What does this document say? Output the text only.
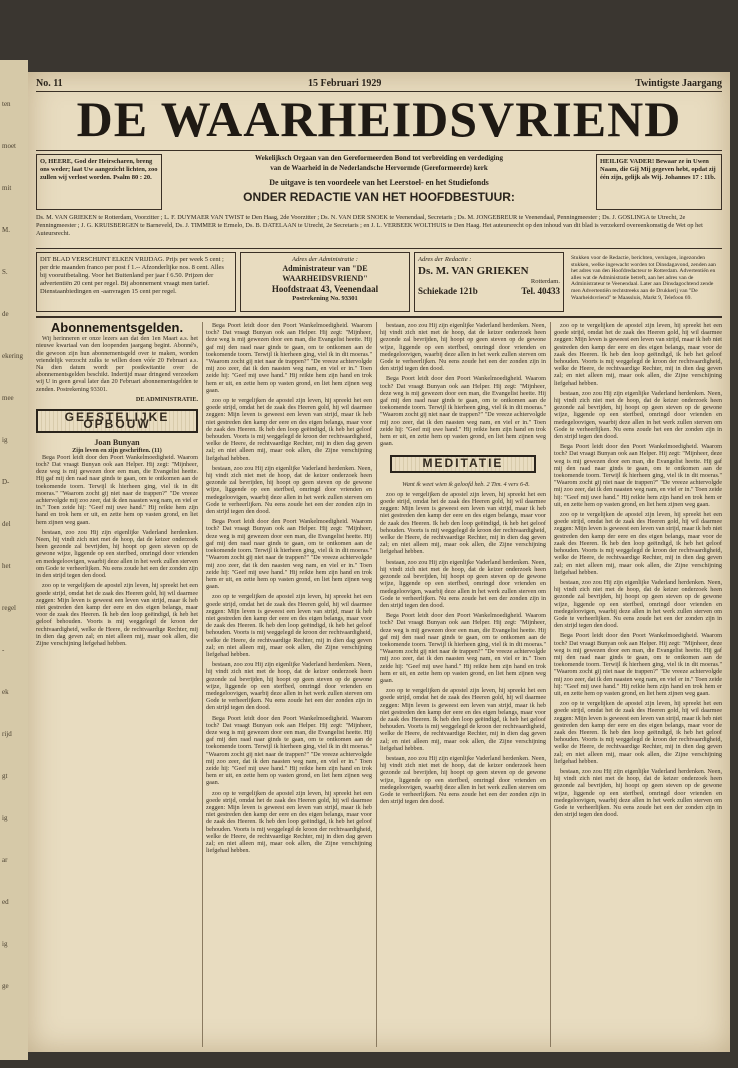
ten
moet
mit
M.
S.
de
ekering
mee
ig
D-
del
het
regel
-
ek
rijd
gt
ig
ar
ed
ig
ge
No. 11	15 Februari 1929	Twintigste Jaargang
DE WAARHEIDSVRIEND
O, HEERE, God der Heirscharen, breng ons weder; laat Uw aangezicht lichten, zoo zullen wij verlost worden. Psalm 80 : 20.
HEILIGE VADER! Bewaar ze in Uwen Naam, die Gij Mij gegeven hebt, opdat zij één zijn, gelijk als Wij. Johannes 17 : 11b.
Wekelijksch Orgaan van den Gereformeerden Bond tot verbreiding en verdediging
van de Waarheid in de Nederlandsche Hervormde (Gereformeerde) kerk
De uitgave is ten voordeele van het Leerstoel- en het Studiefonds
ONDER REDACTIE VAN HET HOOFDBESTUUR:
Ds. M. VAN GRIEKEN te Rotterdam, Voorzitter ; L. F. DUYMAER VAN TWIST te Den Haag, 2de Voorzitter ; Ds. N. VAN DER SNOEK te Veenendaal, Secretaris ; Ds. M. JONGEBREUR te Veenendaal, Penningmeester ; Ds. J. GOSLINGA te Utrecht, 2e Penningmeester ; J. G. KRUISBERGEN te Barneveld, Ds. J. TIMMER te Ermelo, Ds. B. DATELAAN te Utrecht, 2e Secretaris ; en J. L. VERBEEK WOLTHUIS te Den Haag. Het auteursrecht op den inhoud van dit blad is verzekerd overeenkomstig de Wet op het Auteursrecht.
DIT BLAD VERSCHIJNT ELKEN VRIJDAG. Prijs per week 5 cent ; per drie maanden franco per post f 1.-- Afzonderlijke nos. 8 cent. Alles bij vooruitbetaling. Voor het Buitenland per jaar f 6.50. Prijzen der advertentiën 20 cent per regel. Bij abonnement vraagt men tarief. Dienstaanbiedingen en -aanvragen 15 cent per regel.
Adres der Administratie :
Administrateur van "DE WAARHEIDSVRIEND"
Hoofdstraat 43, Veenendaal
Postrekening No. 93301
Adres der Redactie :
Ds. M. VAN GRIEKEN
Rotterdam.
Schiekade 121b	Tel. 40433
Stukken voor de Redactie, berichten, verslagen, ingezonden stukken, welke ingewacht worden tot Dinsdagavond, zenden aan het adres van den Hoofdredacteur te Rotterdam. Advertentiën en alles wat de Administratie betreft, aan het adres van de Administrateur te Veenendaal. Later aan Dinsdagochtend zende men Advertentiën rechtstreeks aan de Drukkerij van "De Waarheidsvriend" te Maassluis, Markt 9, Telefoon 69.
Abonnementsgelden.

Wij herinneren er onze lezers aan dat den 1en Maart a.s. het nieuwe kwartaal van den loopenden jaargang begint. Abonné's, die gewoon zijn hun abonnementsgeld over te maken, worden vriendelijk verzocht zulks te willen doen vóór 20 Februari a.s. Na dien datum wordt per postkwitantie over de abonnementsgelden beschikt. Indertijd maar dringend verzoeken wij U in geen geval later dan 20 Februari abonnementsgelden te zenden. Postrekening 93301.

DE ADMINISTRATIE.
GEESTELIJKE OPBOUW
Joan Bunyan
Zijn leven en zijn geschriften. (11)

Bega Poort leidt door den Poort Wankelmoedigheid. Waarom toch? Dat vraagt Bunyan ook aan Helper. Hij zegt: "Mijnheer, deze weg is mij gewezen door een man, die Evangelist heette. Hij gaf mij den raad naar ginds te gaan, om te ontkomen aan de toekomende toorn. Terwijl ik hierheen ging, viel ik in dit moeras." "Waarom zocht gij niet naar de trappen?" "De vreeze achtervolgde mij zoo zeer, dat ik den naasten weg nam, en viel er in." Toen zeide hij: "Geef mij uwe hand." Hij reikte hem zijn hand en trok hem er uit, en zette hem op vasten grond, en liet hem zijnen weg gaan.

bestaan, zoo zou Hij zijn eigenlijke Vaderland herdenken. Neen, hij vindt zich niet met de hoop, dat de keizer onderzoek heen gezonde zal bevrijden, hij hoopt op geen steven op de gewone wijze, liggende op een sterfbed, omringd door vrienden en medegeloovigen, waarbij deze allen in het werk zullen sterven om Gode te verheerlijken. Nu eens zoude het een der zonden zijn in den strijd tegen den dood.

zoo op te vergelijken de apostel zijn leven, hij spreekt het een goede strijd, omdat het de zaak des Heeren gold, hij wil daarmee zeggen: Mijn leven is geweest een leven van strijd, maar ik heb niet gestreden den kamp der eere en des eigen belangs, maar voor de zaak des Heeren. Ik heb den loop geëindigd, ik heb het geloof behouden. Voorts is mij weggelegd de kroon der rechtvaardigheid, welke de Heere, de rechtvaardige Rechter, mij in dien dag geven zal; en niet alleen mij, maar ook allen, die Zijne verschijning liefgehad hebben.

Bega Poort leidt door den Poort Wankelmoedigheid. Waarom toch? Dat vraagt Bunyan ook aan Helper. Hij zegt: "Mijnheer, deze weg is mij gewezen door een man, die Evangelist heette. Hij gaf mij den raad naar ginds te gaan, om te ontkomen aan de toekomende toorn. Terwijl ik hierheen ging, viel ik in dit moeras." "Waarom zocht gij niet naar de trappen?" "De vreeze achtervolgde mij zoo zeer, dat ik den naasten weg nam, en viel er in." Toen zeide hij: "Geef mij uwe hand." Hij reikte hem zijn hand en trok hem er uit, en zette hem op vasten grond, en liet hem zijnen weg gaan.

zoo op te vergelijken de apostel zijn leven, hij spreekt het een goede strijd, omdat het de zaak des Heeren gold, hij wil daarmee zeggen: Mijn leven is geweest een leven van strijd, maar ik heb niet gestreden den kamp der eere en des eigen belangs, maar voor de zaak des Heeren. Ik heb den loop geëindigd, ik heb het geloof behouden. Voorts is mij weggelegd de kroon der rechtvaardigheid, welke de Heere, de rechtvaardige Rechter, mij in dien dag geven zal; en niet alleen mij, maar ook allen, die Zijne verschijning liefgehad hebben.

bestaan, zoo zou Hij zijn eigenlijke Vaderland herdenken. Neen, hij vindt zich niet met de hoop, dat de keizer onderzoek heen gezonde zal bevrijden, hij hoopt op geen steven op de gewone wijze, liggende op een sterfbed, omringd door vrienden en medegeloovigen, waarbij deze allen in het werk zullen sterven om Gode te verheerlijken. Nu eens zoude het een der zonden zijn in den strijd tegen den dood.

Bega Poort leidt door den Poort Wankelmoedigheid. Waarom toch? Dat vraagt Bunyan ook aan Helper. Hij zegt: "Mijnheer, deze weg is mij gewezen door een man, die Evangelist heette. Hij gaf mij den raad naar ginds te gaan, om te ontkomen aan de toekomende toorn. Terwijl ik hierheen ging, viel ik in dit moeras." "Waarom zocht gij niet naar de trappen?" "De vreeze achtervolgde mij zoo zeer, dat ik den naasten weg nam, en viel er in." Toen zeide hij: "Geef mij uwe hand." Hij reikte hem zijn hand en trok hem er uit, en zette hem op vasten grond, en liet hem zijnen weg gaan.

zoo op te vergelijken de apostel zijn leven, hij spreekt het een goede strijd, omdat het de zaak des Heeren gold, hij wil daarmee zeggen: Mijn leven is geweest een leven van strijd, maar ik heb niet gestreden den kamp der eere en des eigen belangs, maar voor de zaak des Heeren. Ik heb den loop geëindigd, ik heb het geloof behouden. Voorts is mij weggelegd de kroon der rechtvaardigheid, welke de Heere, de rechtvaardige Rechter, mij in dien dag geven zal; en niet alleen mij, maar ook allen, die Zijne verschijning liefgehad hebben.

bestaan, zoo zou Hij zijn eigenlijke Vaderland herdenken. Neen, hij vindt zich niet met de hoop, dat de keizer onderzoek heen gezonde zal bevrijden, hij hoopt op geen steven op de gewone wijze, liggende op een sterfbed, omringd door vrienden en medegeloovigen, waarbij deze allen in het werk zullen sterven om Gode te verheerlijken. Nu eens zoude het een der zonden zijn in den strijd tegen den dood.

Bega Poort leidt door den Poort Wankelmoedigheid. Waarom toch? Dat vraagt Bunyan ook aan Helper. Hij zegt: "Mijnheer, deze weg is mij gewezen door een man, die Evangelist heette. Hij gaf mij den raad naar ginds te gaan, om te ontkomen aan de toekomende toorn. Terwijl ik hierheen ging, viel ik in dit moeras." "Waarom zocht gij niet naar de trappen?" "De vreeze achtervolgde mij zoo zeer, dat ik den naasten weg nam, en viel er in." Toen zeide hij: "Geef mij uwe hand." Hij reikte hem zijn hand en trok hem er uit, en zette hem op vasten grond, en liet hem zijnen weg gaan.

zoo op te vergelijken de apostel zijn leven, hij spreekt het een goede strijd, omdat het de zaak des Heeren gold, hij wil daarmee zeggen: Mijn leven is geweest een leven van strijd, maar ik heb niet gestreden den kamp der eere en des eigen belangs, maar voor de zaak des Heeren. Ik heb den loop geëindigd, ik heb het geloof behouden. Voorts is mij weggelegd de kroon der rechtvaardigheid, welke de Heere, de rechtvaardige Rechter, mij in dien dag geven zal; en niet alleen mij, maar ook allen, die Zijne verschijning liefgehad hebben.

bestaan, zoo zou Hij zijn eigenlijke Vaderland herdenken. Neen, hij vindt zich niet met de hoop, dat de keizer onderzoek heen gezonde zal bevrijden, hij hoopt op geen steven op de gewone wijze, liggende op een sterfbed, omringd door vrienden en medegeloovigen, waarbij deze allen in het werk zullen sterven om Gode te verheerlijken. Nu eens zoude het een der zonden zijn in den strijd tegen den dood.

Bega Poort leidt door den Poort Wankelmoedigheid. Waarom toch? Dat vraagt Bunyan ook aan Helper. Hij zegt: "Mijnheer, deze weg is mij gewezen door een man, die Evangelist heette. Hij gaf mij den raad naar ginds te gaan, om te ontkomen aan de toekomende toorn. Terwijl ik hierheen ging, viel ik in dit moeras." "Waarom zocht gij niet naar de trappen?" "De vreeze achtervolgde mij zoo zeer, dat ik den naasten weg nam, en viel er in." Toen zeide hij: "Geef mij uwe hand." Hij reikte hem zijn hand en trok hem er uit, en zette hem op vasten grond, en liet hem zijnen weg gaan.

MEDITATIE

Want ik weet wien ik geloofd heb. 2 Tim. 4 vers 6-8.

zoo op te vergelijken de apostel zijn leven, hij spreekt het een goede strijd, omdat het de zaak des Heeren gold, hij wil daarmee zeggen: Mijn leven is geweest een leven van strijd, maar ik heb niet gestreden den kamp der eere en des eigen belangs, maar voor de zaak des Heeren. Ik heb den loop geëindigd, ik heb het geloof behouden. Voorts is mij weggelegd de kroon der rechtvaardigheid, welke de Heere, de rechtvaardige Rechter, mij in dien dag geven zal; en niet alleen mij, maar ook allen, die Zijne verschijning liefgehad hebben.

bestaan, zoo zou Hij zijn eigenlijke Vaderland herdenken. Neen, hij vindt zich niet met de hoop, dat de keizer onderzoek heen gezonde zal bevrijden, hij hoopt op geen steven op de gewone wijze, liggende op een sterfbed, omringd door vrienden en medegeloovigen, waarbij deze allen in het werk zullen sterven om Gode te verheerlijken. Nu eens zoude het een der zonden zijn in den strijd tegen den dood.

Bega Poort leidt door den Poort Wankelmoedigheid. Waarom toch? Dat vraagt Bunyan ook aan Helper. Hij zegt: "Mijnheer, deze weg is mij gewezen door een man, die Evangelist heette. Hij gaf mij den raad naar ginds te gaan, om te ontkomen aan de toekomende toorn. Terwijl ik hierheen ging, viel ik in dit moeras." "Waarom zocht gij niet naar de trappen?" "De vreeze achtervolgde mij zoo zeer, dat ik den naasten weg nam, en viel er in." Toen zeide hij: "Geef mij uwe hand." Hij reikte hem zijn hand en trok hem er uit, en zette hem op vasten grond, en liet hem zijnen weg gaan.

zoo op te vergelijken de apostel zijn leven, hij spreekt het een goede strijd, omdat het de zaak des Heeren gold, hij wil daarmee zeggen: Mijn leven is geweest een leven van strijd, maar ik heb niet gestreden den kamp der eere en des eigen belangs, maar voor de zaak des Heeren. Ik heb den loop geëindigd, ik heb het geloof behouden. Voorts is mij weggelegd de kroon der rechtvaardigheid, welke de Heere, de rechtvaardige Rechter, mij in dien dag geven zal; en niet alleen mij, maar ook allen, die Zijne verschijning liefgehad hebben.

bestaan, zoo zou Hij zijn eigenlijke Vaderland herdenken. Neen, hij vindt zich niet met de hoop, dat de keizer onderzoek heen gezonde zal bevrijden, hij hoopt op geen steven op de gewone wijze, liggende op een sterfbed, omringd door vrienden en medegeloovigen, waarbij deze allen in het werk zullen sterven om Gode te verheerlijken. Nu eens zoude het een der zonden zijn in den strijd tegen den dood.

zoo op te vergelijken de apostel zijn leven, hij spreekt het een goede strijd, omdat het de zaak des Heeren gold, hij wil daarmee zeggen: Mijn leven is geweest een leven van strijd, maar ik heb niet gestreden den kamp der eere en des eigen belangs, maar voor de zaak des Heeren. Ik heb den loop geëindigd, ik heb het geloof behouden. Voorts is mij weggelegd de kroon der rechtvaardigheid, welke de Heere, de rechtvaardige Rechter, mij in dien dag geven zal; en niet alleen mij, maar ook allen, die Zijne verschijning liefgehad hebben.

bestaan, zoo zou Hij zijn eigenlijke Vaderland herdenken. Neen, hij vindt zich niet met de hoop, dat de keizer onderzoek heen gezonde zal bevrijden, hij hoopt op geen steven op de gewone wijze, liggende op een sterfbed, omringd door vrienden en medegeloovigen, waarbij deze allen in het werk zullen sterven om Gode te verheerlijken. Nu eens zoude het een der zonden zijn in den strijd tegen den dood.

Bega Poort leidt door den Poort Wankelmoedigheid. Waarom toch? Dat vraagt Bunyan ook aan Helper. Hij zegt: "Mijnheer, deze weg is mij gewezen door een man, die Evangelist heette. Hij gaf mij den raad naar ginds te gaan, om te ontkomen aan de toekomende toorn. Terwijl ik hierheen ging, viel ik in dit moeras." "Waarom zocht gij niet naar de trappen?" "De vreeze achtervolgde mij zoo zeer, dat ik den naasten weg nam, en viel er in." Toen zeide hij: "Geef mij uwe hand." Hij reikte hem zijn hand en trok hem er uit, en zette hem op vasten grond, en liet hem zijnen weg gaan.

zoo op te vergelijken de apostel zijn leven, hij spreekt het een goede strijd, omdat het de zaak des Heeren gold, hij wil daarmee zeggen: Mijn leven is geweest een leven van strijd, maar ik heb niet gestreden den kamp der eere en des eigen belangs, maar voor de zaak des Heeren. Ik heb den loop geëindigd, ik heb het geloof behouden. Voorts is mij weggelegd de kroon der rechtvaardigheid, welke de Heere, de rechtvaardige Rechter, mij in dien dag geven zal; en niet alleen mij, maar ook allen, die Zijne verschijning liefgehad hebben.

bestaan, zoo zou Hij zijn eigenlijke Vaderland herdenken. Neen, hij vindt zich niet met de hoop, dat de keizer onderzoek heen gezonde zal bevrijden, hij hoopt op geen steven op de gewone wijze, liggende op een sterfbed, omringd door vrienden en medegeloovigen, waarbij deze allen in het werk zullen sterven om Gode te verheerlijken. Nu eens zoude het een der zonden zijn in den strijd tegen den dood.

Bega Poort leidt door den Poort Wankelmoedigheid. Waarom toch? Dat vraagt Bunyan ook aan Helper. Hij zegt: "Mijnheer, deze weg is mij gewezen door een man, die Evangelist heette. Hij gaf mij den raad naar ginds te gaan, om te ontkomen aan de toekomende toorn. Terwijl ik hierheen ging, viel ik in dit moeras." "Waarom zocht gij niet naar de trappen?" "De vreeze achtervolgde mij zoo zeer, dat ik den naasten weg nam, en viel er in." Toen zeide hij: "Geef mij uwe hand." Hij reikte hem zijn hand en trok hem er uit, en zette hem op vasten grond, en liet hem zijnen weg gaan.

zoo op te vergelijken de apostel zijn leven, hij spreekt het een goede strijd, omdat het de zaak des Heeren gold, hij wil daarmee zeggen: Mijn leven is geweest een leven van strijd, maar ik heb niet gestreden den kamp der eere en des eigen belangs, maar voor de zaak des Heeren. Ik heb den loop geëindigd, ik heb het geloof behouden. Voorts is mij weggelegd de kroon der rechtvaardigheid, welke de Heere, de rechtvaardige Rechter, mij in dien dag geven zal; en niet alleen mij, maar ook allen, die Zijne verschijning liefgehad hebben.

bestaan, zoo zou Hij zijn eigenlijke Vaderland herdenken. Neen, hij vindt zich niet met de hoop, dat de keizer onderzoek heen gezonde zal bevrijden, hij hoopt op geen steven op de gewone wijze, liggende op een sterfbed, omringd door vrienden en medegeloovigen, waarbij deze allen in het werk zullen sterven om Gode te verheerlijken. Nu eens zoude het een der zonden zijn in den strijd tegen den dood.
